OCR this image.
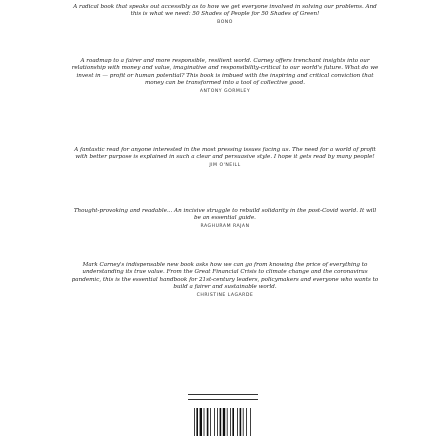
A radical book that speaks out accessibly as to how we get everyone involved in solving our problems. And this is what we need: 50 Shades of People for 50 Shades of Green!

BONO

A roadmap to a fairer and more responsible, resilient world. Carney offers trenchant insights into our relationship with money and value, imaginative and responsibility-critical to our world's future. What do we invest in — profit or human potential? This book is imbued with the inspiring and critical conviction that money can be transformed into a tool of collective good.

ANTONY GORMLEY

A fantastic read for anyone interested in the most pressing issues facing us. The need for a world of profit with better purpose is explained in such a clear and persuasive style. I hope it gets read by many people!

JIM O'NEILL

Thought-provoking and readable... An incisive struggle to rebuild solidarity in the post-Covid world. It will be an essential guide.

RAGHURAM RAJAN

Mark Carney's indispensable new book asks how we can go from knowing the price of everything to understanding its true value. From the Great Financial Crisis to climate change and the coronavirus pandemic, this is the essential handbook for 21st-century leaders, policymakers and everyone who wants to build a fairer and sustainable world.

CHRISTINE LAGARDE
